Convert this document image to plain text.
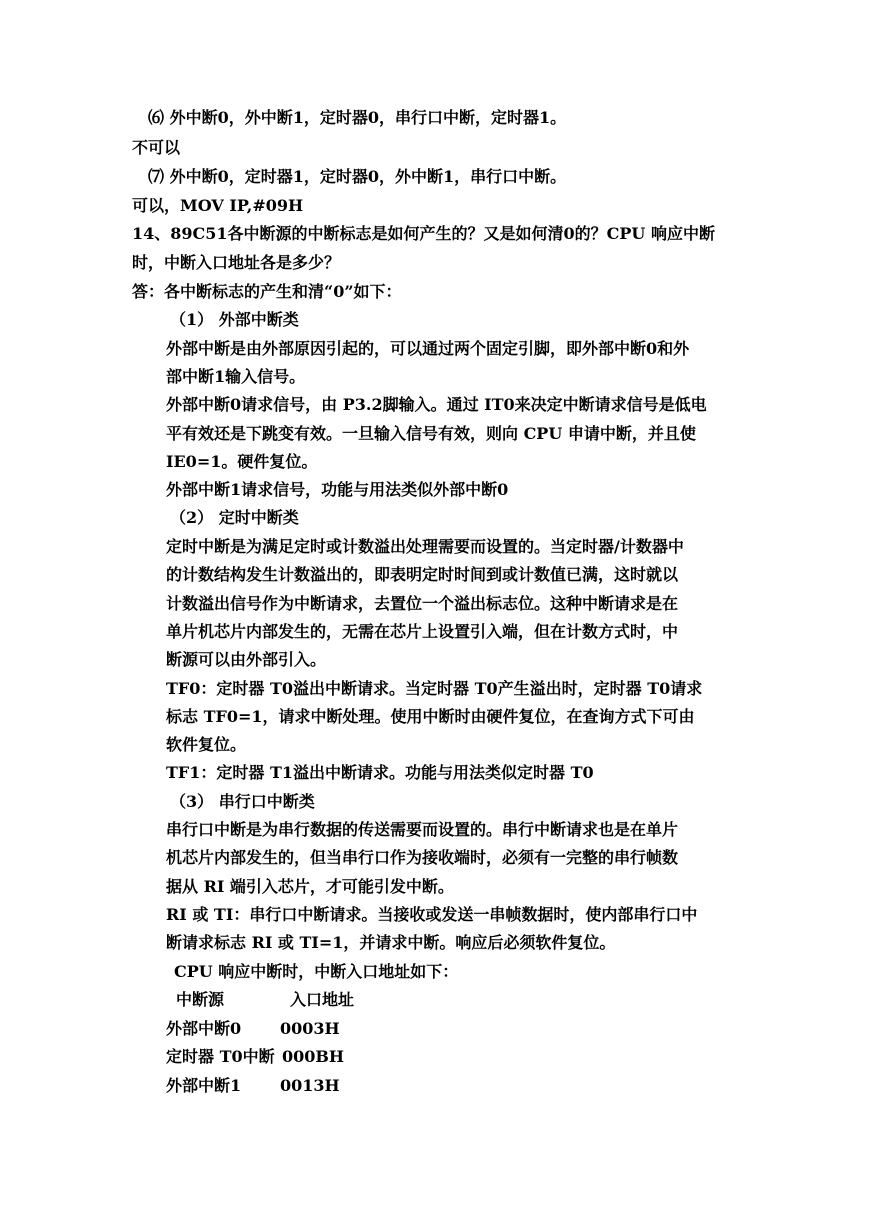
⑹ 外中断0，外中断1，定时器0，串行口中断，定时器1。
不可以
⑺ 外中断0，定时器1，定时器0，外中断1，串行口中断。
可以，MOV IP,#09H
14、89C51各中断源的中断标志是如何产生的？又是如何清0的？CPU 响应中断
时，中断入口地址各是多少？
答：各中断标志的产生和清“0”如下：
（1） 外部中断类
外部中断是由外部原因引起的，可以通过两个固定引脚，即外部中断0和外
部中断1输入信号。
外部中断0请求信号，由 P3.2脚输入。通过 IT0来决定中断请求信号是低电
平有效还是下跳变有效。一旦输入信号有效，则向 CPU 申请中断，并且使
IE0=1。硬件复位。
外部中断1请求信号，功能与用法类似外部中断0
（2） 定时中断类
定时中断是为满足定时或计数溢出处理需要而设置的。当定时器/计数器中
的计数结构发生计数溢出的，即表明定时时间到或计数值已满，这时就以
计数溢出信号作为中断请求，去置位一个溢出标志位。这种中断请求是在
单片机芯片内部发生的，无需在芯片上设置引入端，但在计数方式时，中
断源可以由外部引入。
TF0：定时器 T0溢出中断请求。当定时器 T0产生溢出时，定时器 T0请求
标志 TF0=1，请求中断处理。使用中断时由硬件复位，在查询方式下可由
软件复位。
TF1：定时器 T1溢出中断请求。功能与用法类似定时器 T0
（3） 串行口中断类
串行口中断是为串行数据的传送需要而设置的。串行中断请求也是在单片
机芯片内部发生的，但当串行口作为接收端时，必须有一完整的串行帧数
据从 RI 端引入芯片，才可能引发中断。
RI 或 TI：串行口中断请求。当接收或发送一串帧数据时，使内部串行口中
断请求标志 RI 或 TI=1，并请求中断。响应后必须软件复位。
CPU 响应中断时，中断入口地址如下：
中断源	入口地址
外部中断0 0003H
定时器 T0中断 000BH
外部中断1 0013H
